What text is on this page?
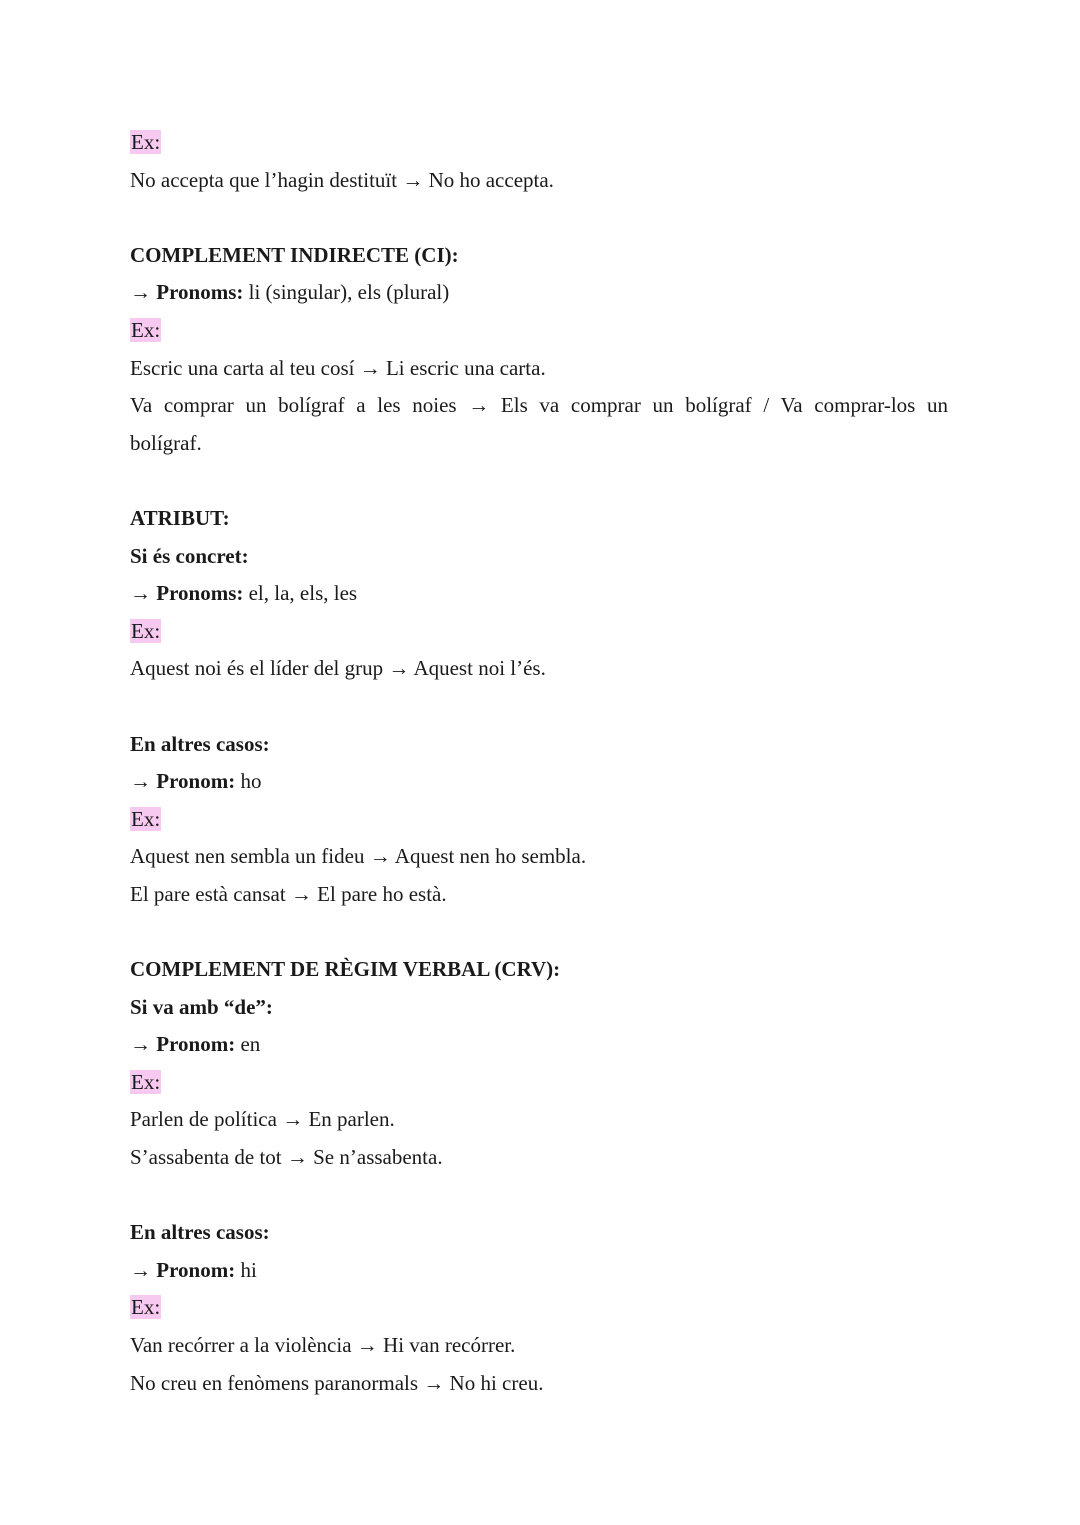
Ex:
No accepta que l’hagin destituït → No ho accepta.
COMPLEMENT INDIRECTE (CI):
→ Pronoms: li (singular), els (plural)
Ex:
Escric una carta al teu cosí → Li escric una carta.
Va comprar un bolígraf a les noies → Els va comprar un bolígraf / Va comprar-los un
bolígraf.
ATRIBUT:
Si és concret:
→ Pronoms: el, la, els, les
Ex:
Aquest noi és el líder del grup → Aquest noi l’és.
En altres casos:
→ Pronom: ho
Ex:
Aquest nen sembla un fideu → Aquest nen ho sembla.
El pare està cansat → El pare ho està.
COMPLEMENT DE RÈGIM VERBAL (CRV):
Si va amb “de”:
→ Pronom: en
Ex:
Parlen de política → En parlen.
S’assabenta de tot → Se n’assabenta.
En altres casos:
→ Pronom: hi
Ex:
Van recórrer a la violència → Hi van recórrer.
No creu en fenòmens paranormals → No hi creu.
